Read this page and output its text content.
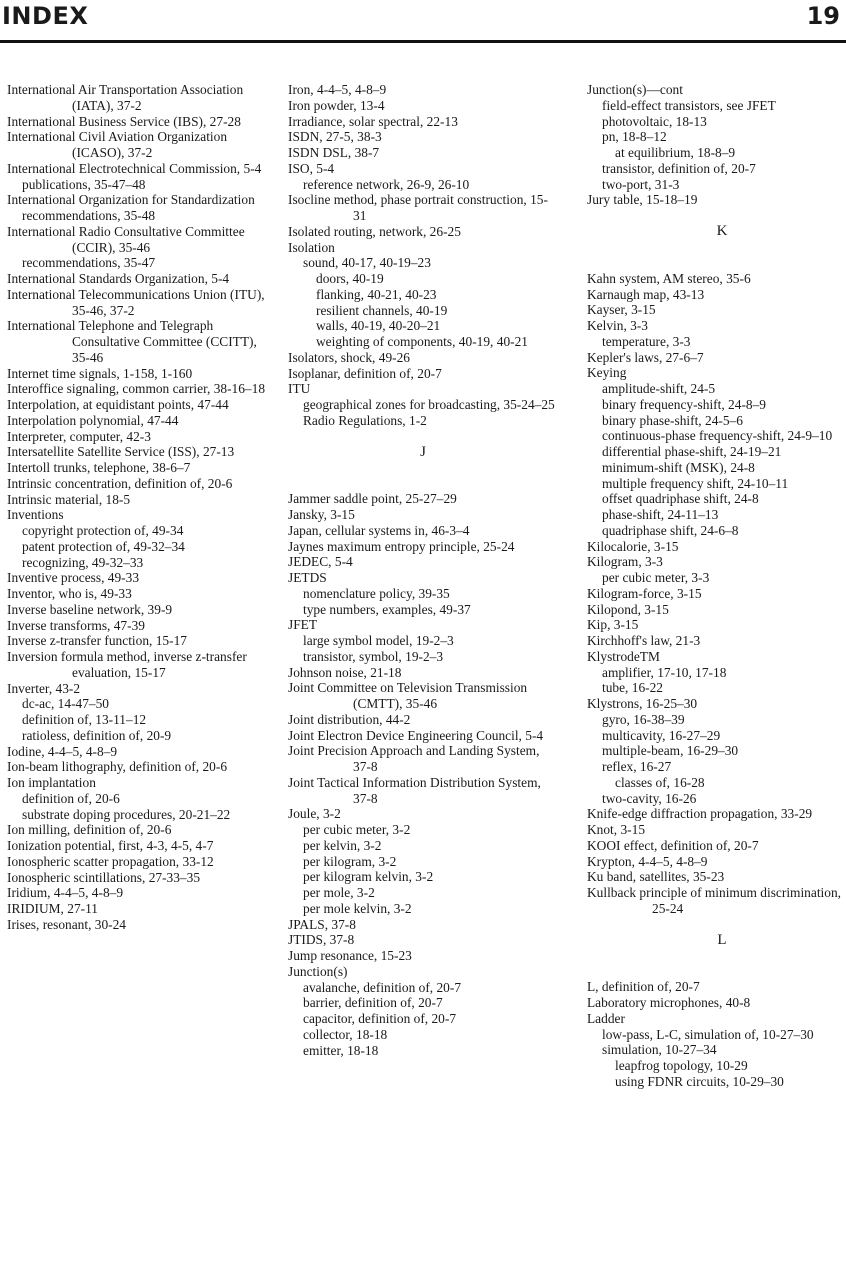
INDEX	19
International Air Transportation Association (IATA), 37-2
International Business Service (IBS), 27-28
International Civil Aviation Organization (ICASO), 37-2
International Electrotechnical Commission, 5-4
publications, 35-47–48
International Organization for Standardization
recommendations, 35-48
International Radio Consultative Committee (CCIR), 35-46
recommendations, 35-47
International Standards Organization, 5-4
International Telecommunications Union (ITU), 35-46, 37-2
International Telephone and Telegraph Consultative Committee (CCITT), 35-46
Internet time signals, 1-158, 1-160
Interoffice signaling, common carrier, 38-16–18
Interpolation, at equidistant points, 47-44
Interpolation polynomial, 47-44
Interpreter, computer, 42-3
Intersatellite Satellite Service (ISS), 27-13
Intertoll trunks, telephone, 38-6–7
Intrinsic concentration, definition of, 20-6
Intrinsic material, 18-5
Inventions
copyright protection of, 49-34
patent protection of, 49-32–34
recognizing, 49-32–33
Inventive process, 49-33
Inventor, who is, 49-33
Inverse baseline network, 39-9
Inverse transforms, 47-39
Inverse z-transfer function, 15-17
Inversion formula method, inverse z-transfer evaluation, 15-17
Inverter, 43-2
dc-ac, 14-47–50
definition of, 13-11–12
ratioless, definition of, 20-9
Iodine, 4-4–5, 4-8–9
Ion-beam lithography, definition of, 20-6
Ion implantation
definition of, 20-6
substrate doping procedures, 20-21–22
Ion milling, definition of, 20-6
Ionization potential, first, 4-3, 4-5, 4-7
Ionospheric scatter propagation, 33-12
Ionospheric scintillations, 27-33–35
Iridium, 4-4–5, 4-8–9
IRIDIUM, 27-11
Irises, resonant, 30-24
Iron, 4-4–5, 4-8–9
Iron powder, 13-4
Irradiance, solar spectral, 22-13
ISDN, 27-5, 38-3
ISDN DSL, 38-7
ISO, 5-4
reference network, 26-9, 26-10
Isocline method, phase portrait construction, 15-31
Isolated routing, network, 26-25
Isolation
sound, 40-17, 40-19–23
doors, 40-19
flanking, 40-21, 40-23
resilient channels, 40-19
walls, 40-19, 40-20–21
weighting of components, 40-19, 40-21
Isolators, shock, 49-26
Isoplanar, definition of, 20-7
ITU
geographical zones for broadcasting, 35-24–25
Radio Regulations, 1-2
J
Jammer saddle point, 25-27–29
Jansky, 3-15
Japan, cellular systems in, 46-3–4
Jaynes maximum entropy principle, 25-24
JEDEC, 5-4
JETDS
nomenclature policy, 39-35
type numbers, examples, 49-37
JFET
large symbol model, 19-2–3
transistor, symbol, 19-2–3
Johnson noise, 21-18
Joint Committee on Television Transmission (CMTT), 35-46
Joint distribution, 44-2
Joint Electron Device Engineering Council, 5-4
Joint Precision Approach and Landing System, 37-8
Joint Tactical Information Distribution System, 37-8
Joule, 3-2
per cubic meter, 3-2
per kelvin, 3-2
per kilogram, 3-2
per kilogram kelvin, 3-2
per mole, 3-2
per mole kelvin, 3-2
JPALS, 37-8
JTIDS, 37-8
Jump resonance, 15-23
Junction(s)
avalanche, definition of, 20-7
barrier, definition of, 20-7
capacitor, definition of, 20-7
collector, 18-18
emitter, 18-18
Junction(s)—cont
field-effect transistors, see JFET
photovoltaic, 18-13
pn, 18-8–12
at equilibrium, 18-8–9
transistor, definition of, 20-7
two-port, 31-3
Jury table, 15-18–19
K
Kahn system, AM stereo, 35-6
Karnaugh map, 43-13
Kayser, 3-15
Kelvin, 3-3
temperature, 3-3
Kepler's laws, 27-6–7
Keying
amplitude-shift, 24-5
binary frequency-shift, 24-8–9
binary phase-shift, 24-5–6
continuous-phase frequency-shift, 24-9–10
differential phase-shift, 24-19–21
minimum-shift (MSK), 24-8
multiple frequency shift, 24-10–11
offset quadriphase shift, 24-8
phase-shift, 24-11–13
quadriphase shift, 24-6–8
Kilocalorie, 3-15
Kilogram, 3-3
per cubic meter, 3-3
Kilogram-force, 3-15
Kilopond, 3-15
Kip, 3-15
Kirchhoff's law, 21-3
KlystrodeTM
amplifier, 17-10, 17-18
tube, 16-22
Klystrons, 16-25–30
gyro, 16-38–39
multicavity, 16-27–29
multiple-beam, 16-29–30
reflex, 16-27
classes of, 16-28
two-cavity, 16-26
Knife-edge diffraction propagation, 33-29
Knot, 3-15
KOOI effect, definition of, 20-7
Krypton, 4-4–5, 4-8–9
Ku band, satellites, 35-23
Kullback principle of minimum discrimination, 25-24
L
L, definition of, 20-7
Laboratory microphones, 40-8
Ladder
low-pass, L-C, simulation of, 10-27–30
simulation, 10-27–34
leapfrog topology, 10-29
using FDNR circuits, 10-29–30
